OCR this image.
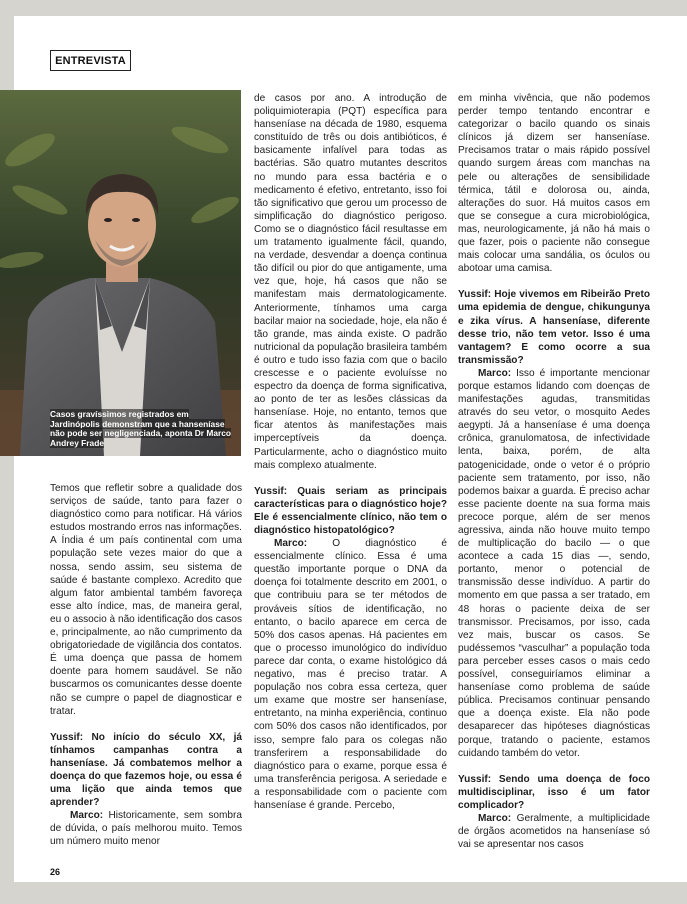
ENTREVISTA
Casos gravíssimos registrados em Jardinópolis demonstram que a hanseníase não pode ser negligenciada, aponta Dr Marco Andrey Frade

Temos que refletir sobre a qualidade dos serviços de saúde, tanto para fazer o diagnóstico como para notificar. Há vários estudos mostrando erros nas informações. A Índia é um país continental com uma população sete vezes maior do que a nossa, sendo assim, seu sistema de saúde é bastante complexo. Acredito que algum fator ambiental também favoreça esse alto índice, mas, de maneira geral, eu o associo à não identificação dos casos e, principalmente, ao não cumprimento da obrigatoriedade de vigilância dos contatos. É uma doença que passa de homem doente para homem saudável. Se não buscarmos os comunicantes desse doente não se cumpre o papel de diagnosticar e tratar.

Yussif: No início do século XX, já tínhamos campanhas contra a hanseníase. Já combatemos melhor a doença do que fazemos hoje, ou essa é uma lição que ainda temos que aprender?

Marco: Historicamente, sem sombra de dúvida, o país melhorou muito. Temos um número muito menor

de casos por ano. A introdução de poliquimioterapia (PQT) específica para hanseníase na década de 1980, esquema constituído de três ou dois antibióticos, é basicamente infalível para todas as bactérias. São quatro mutantes descritos no mundo para essa bactéria e o medicamento é efetivo, entretanto, isso foi tão significativo que gerou um processo de simplificação do diagnóstico perigoso. Como se o diagnóstico fácil resultasse em um tratamento igualmente fácil, quando, na verdade, desvendar a doença continua tão difícil ou pior do que antigamente, uma vez que, hoje, há casos que não se manifestam mais dermatologicamente. Anteriormente, tínhamos uma carga bacilar maior na sociedade, hoje, ela não é tão grande, mas ainda existe. O padrão nutricional da população brasileira também é outro e tudo isso fazia com que o bacilo crescesse e o paciente evoluísse no espectro da doença de forma significativa, ao ponto de ter as lesões clássicas da hanseníase. Hoje, no entanto, temos que ficar atentos às manifestações mais imperceptíveis da doença. Particularmente, acho o diagnóstico muito mais complexo atualmente.

Yussif: Quais seriam as principais características para o diagnóstico hoje? Ele é essencialmente clínico, não tem o diagnóstico histopatológico?

Marco: O diagnóstico é essencialmente clínico. Essa é uma questão importante porque o DNA da doença foi totalmente descrito em 2001, o que contribuiu para se ter métodos de prováveis sítios de identificação, no entanto, o bacilo aparece em cerca de 50% dos casos apenas. Há pacientes em que o processo imunológico do indivíduo parece dar conta, o exame histológico dá negativo, mas é preciso tratar. A população nos cobra essa certeza, quer um exame que mostre ser hanseníase, entretanto, na minha experiência, continuo com 50% dos casos não identificados, por isso, sempre falo para os colegas não transferirem a responsabilidade do diagnóstico para o exame, porque essa é uma transferência perigosa. A seriedade e a responsabilidade com o paciente com hanseníase é grande. Percebo,

em minha vivência, que não podemos perder tempo tentando encontrar e categorizar o bacilo quando os sinais clínicos já dizem ser hanseníase. Precisamos tratar o mais rápido possível quando surgem áreas com manchas na pele ou alterações de sensibilidade térmica, tátil e dolorosa ou, ainda, alterações do suor. Há muitos casos em que se consegue a cura microbiológica, mas, neurologicamente, já não há mais o que fazer, pois o paciente não consegue mais colocar uma sandália, os óculos ou abotoar uma camisa.

Yussif: Hoje vivemos em Ribeirão Preto uma epidemia de dengue, chikungunya e zika vírus. A hanseníase, diferente desse trio, não tem vetor. Isso é uma vantagem? E como ocorre a sua transmissão?

Marco: Isso é importante mencionar porque estamos lidando com doenças de manifestações agudas, transmitidas através do seu vetor, o mosquito Aedes aegypti. Já a hanseníase é uma doença crônica, granulomatosa, de infectividade lenta, baixa, porém, de alta patogenicidade, onde o vetor é o próprio paciente sem tratamento, por isso, não podemos baixar a guarda. É preciso achar esse paciente doente na sua forma mais precoce porque, além de ser menos agressiva, ainda não houve muito tempo de multiplicação do bacilo — o que acontece a cada 15 dias —, sendo, portanto, menor o potencial de transmissão desse indivíduo. A partir do momento em que passa a ser tratado, em 48 horas o paciente deixa de ser transmissor. Precisamos, por isso, cada vez mais, buscar os casos. Se pudéssemos “vasculhar” a população toda para perceber esses casos o mais cedo possível, conseguiríamos eliminar a hanseníase como problema de saúde pública. Precisamos continuar pensando que a doença existe. Ela não pode desaparecer das hipóteses diagnósticas porque, tratando o paciente, estamos cuidando também do vetor.

Yussif: Sendo uma doença de foco multidisciplinar, isso é um fator complicador?

Marco: Geralmente, a multiplicidade de órgãos acometidos na hanseníase só vai se apresentar nos casos

26
